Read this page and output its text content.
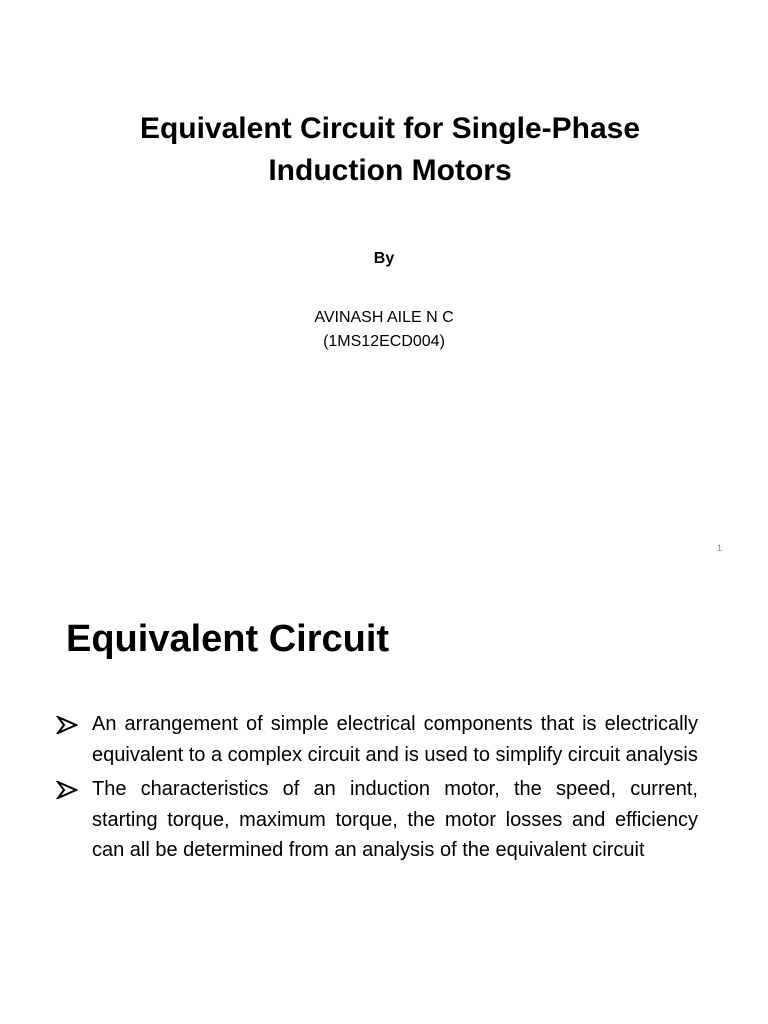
Equivalent Circuit for Single-Phase
Induction Motors
By
AVINASH AILE N C
(1MS12ECD004)
1
Equivalent Circuit
An arrangement of simple electrical components that is electrically equivalent to a complex circuit and is used to simplify circuit analysis
The characteristics of an induction motor, the speed, current, starting torque, maximum torque, the motor losses and efficiency can all be determined from an analysis of the equivalent circuit
